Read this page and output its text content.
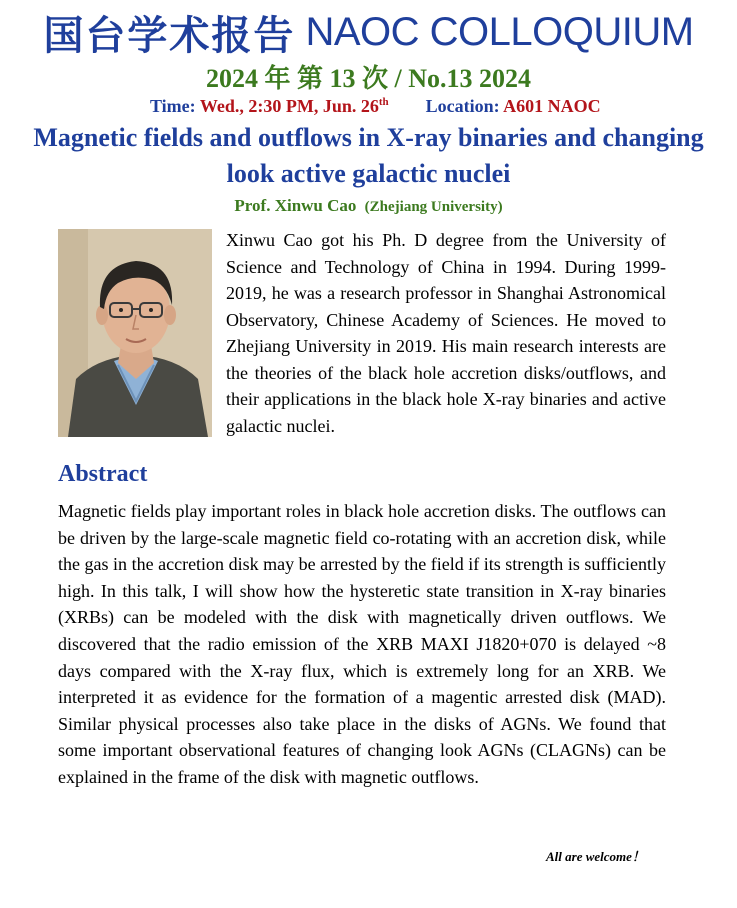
国台学术报告 NAOC COLLOQUIUM
2024 年 第 13 次 / No.13 2024
Time: Wed., 2:30 PM, Jun. 26th Location: A601 NAOC
Magnetic fields and outflows in X-ray binaries and changing look active galactic nuclei
Prof. Xinwu Cao (Zhejiang University)
Xinwu Cao got his Ph. D degree from the University of Science and Technology of China in 1994. During 1999-2019, he was a research professor in Shanghai Astronomical Observatory, Chinese Academy of Sciences. He moved to Zhejiang University in 2019. His main research interests are the theories of the black hole accretion disks/outflows, and their applications in the black hole X-ray binaries and active galactic nuclei.
Abstract
Magnetic fields play important roles in black hole accretion disks. The outflows can be driven by the large-scale magnetic field co-rotating with an accretion disk, while the gas in the accretion disk may be arrested by the field if its strength is sufficiently high. In this talk, I will show how the hysteretic state transition in X-ray binaries (XRBs) can be modeled with the disk with magnetically driven outflows. We discovered that the radio emission of the XRB MAXI J1820+070 is delayed ~8 days compared with the X-ray flux, which is extremely long for an XRB. We interpreted it as evidence for the formation of a magentic arrested disk (MAD). Similar physical processes also take place in the disks of AGNs. We found that some important observational features of changing look AGNs (CLAGNs) can be explained in the frame of the disk with magnetic outflows.
All are welcome！
